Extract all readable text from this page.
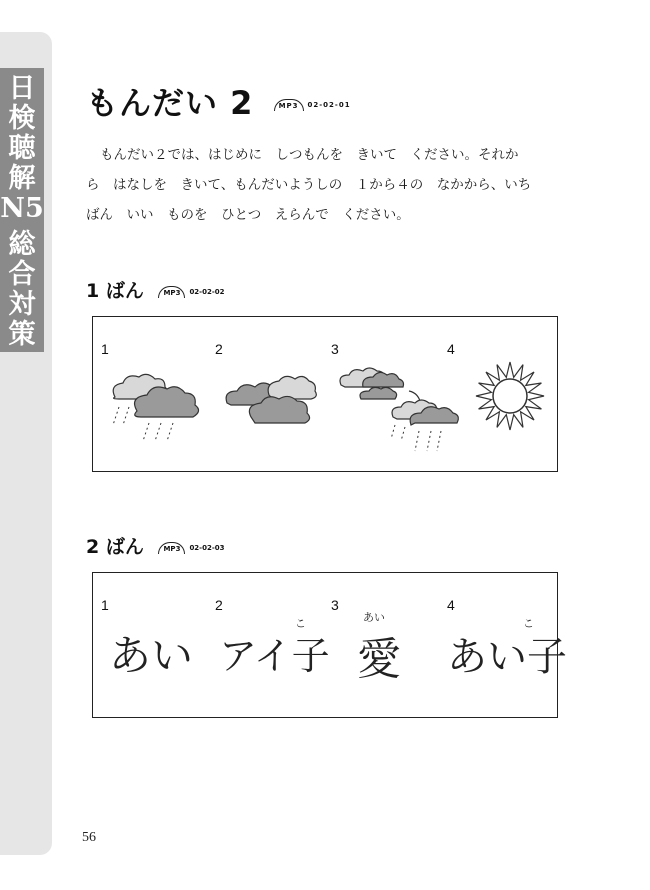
日
検
聴
解
N5
総
合
対
策
もんだい 2	MP3	02-02-01

もんだい２では、はじめに　しつもんを　きいて　ください。それか

ら　はなしを　きいて、もんだいようしの　１から４の　なかから、いち

ばん　いい　ものを　ひとつ　えらんで　ください。

1 ばん	MP3	02-02-02
1	2	3	4
2 ばん	MP3	02-02-03
1	2	3	4
あい
こ
アイ子
あい
愛
こ
あい子
56
